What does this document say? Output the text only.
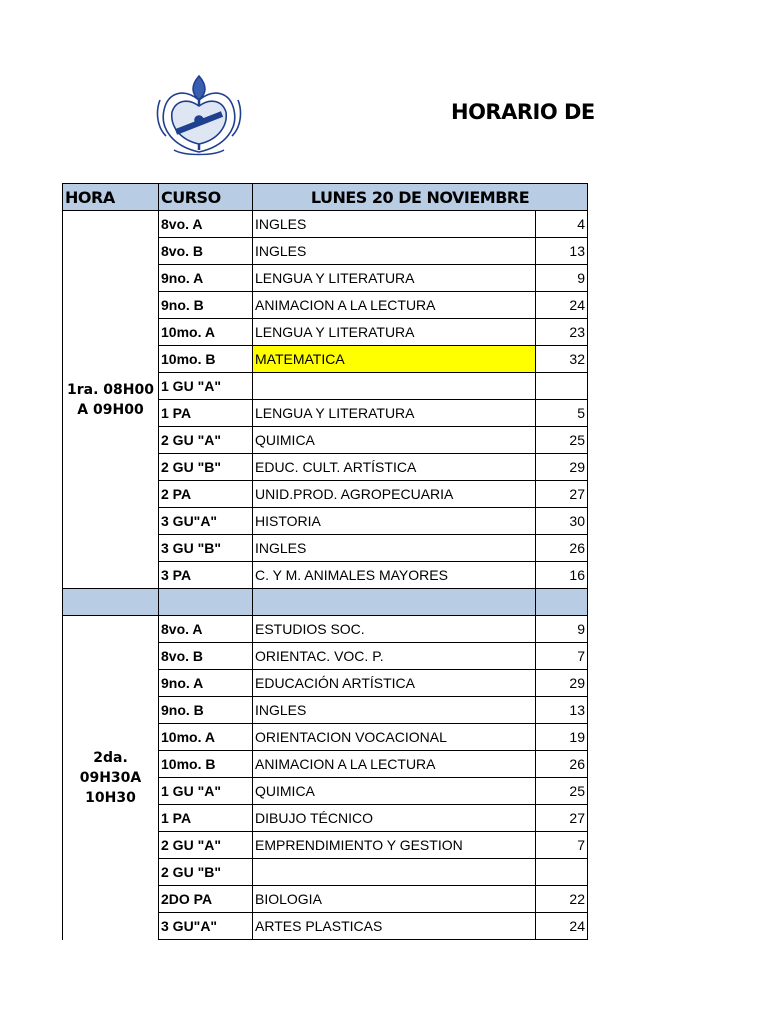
HORARIO DE
HORA	CURSO	LUNES 20 DE NOVIEMBRE	
1ra. 08H00 A 09H00	8vo. A	INGLES	4
	8vo. B	INGLES	13
	9no. A	LENGUA Y LITERATURA	9
	9no. B	ANIMACION A LA LECTURA	24
	10mo. A	LENGUA Y LITERATURA	23
	10mo. B	MATEMATICA	32
	1 GU "A"		
	1 PA	LENGUA Y LITERATURA	5
	2 GU "A"	QUIMICA	25
	2 GU "B"	EDUC. CULT. ARTÍSTICA	29
	2 PA	UNID.PROD. AGROPECUARIA	27
	3 GU"A"	HISTORIA	30
	3 GU "B"	INGLES	26
	3 PA	C. Y M. ANIMALES MAYORES	16

2da. 09H30A 10H30	8vo. A	ESTUDIOS SOC.	9
	8vo. B	ORIENTAC. VOC. P.	7
	9no. A	EDUCACIÓN ARTÍSTICA	29
	9no. B	INGLES	13
	10mo. A	ORIENTACION VOCACIONAL	19
	10mo. B	ANIMACION A LA LECTURA	26
	1 GU "A"	QUIMICA	25
	1 PA	DIBUJO TÉCNICO	27
	2 GU "A"	EMPRENDIMIENTO Y GESTION	7
	2 GU "B"		
	2DO PA	BIOLOGIA	22
	3 GU"A"	ARTES PLASTICAS	24
